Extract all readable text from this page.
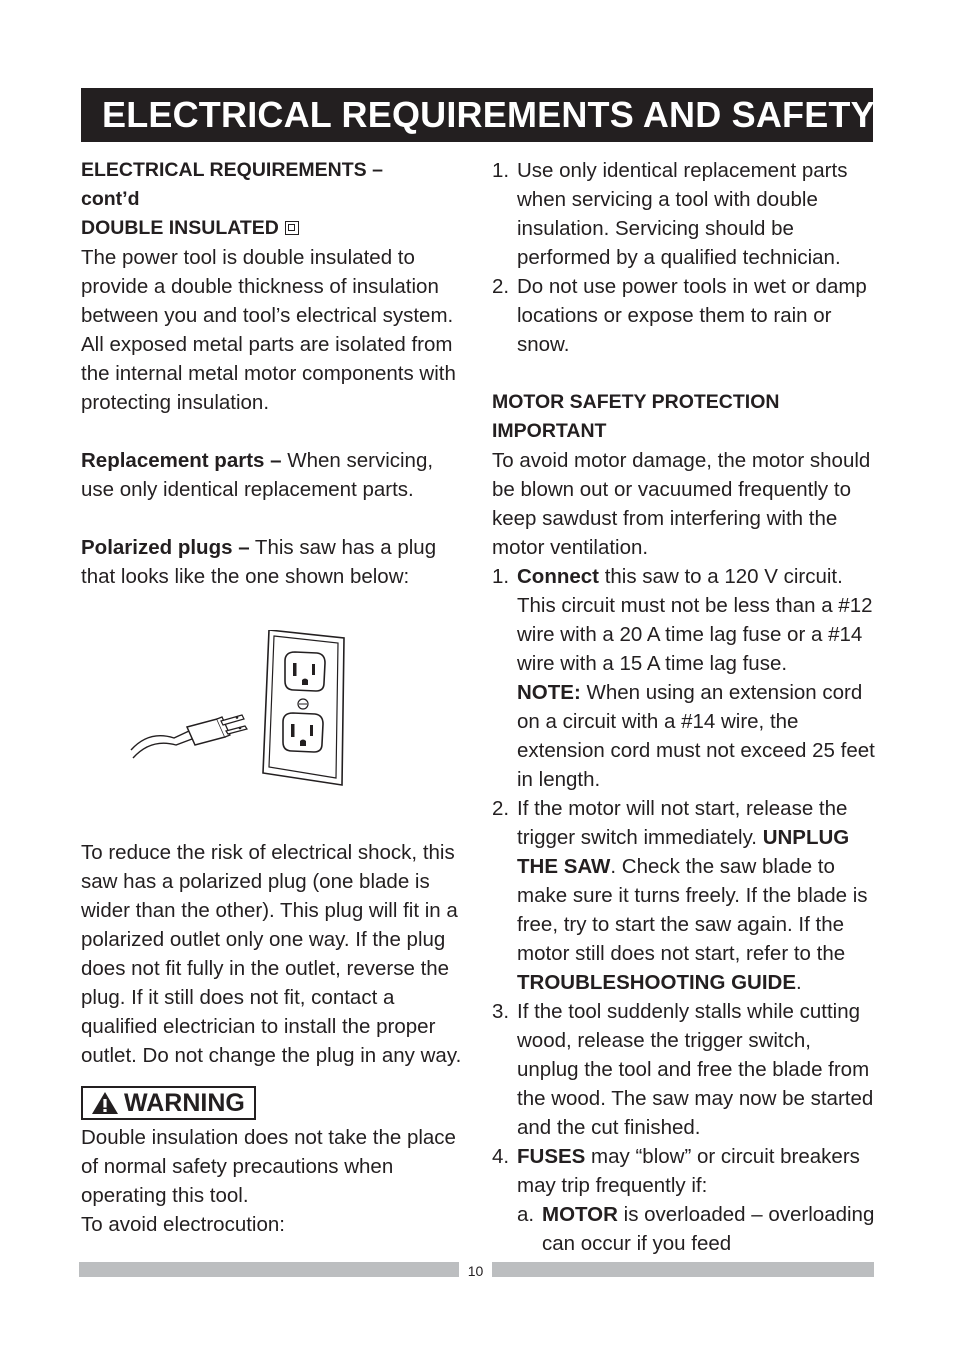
ELECTRICAL REQUIREMENTS AND SAFETY

ELECTRICAL REQUIREMENTS –
cont’d

DOUBLE INSULATED

The power tool is double insulated to provide a double thickness of insulation between you and tool’s electrical system. All exposed metal parts are isolated from the internal metal motor components with protecting insulation.

Replacement parts – When servicing, use only identical replacement parts.

Polarized plugs – This saw has a plug that looks like the one shown below:

To reduce the risk of electrical shock, this saw has a polarized plug (one blade is wider than the other). This plug will fit in a polarized outlet only one way. If the plug does not fit fully in the outlet, reverse the plug. If it still does not fit, contact a qualified electrician to install the proper outlet. Do not change the plug in any way.

WARNING

Double insulation does not take the place of normal safety precautions when operating this tool.

To avoid electrocution:

1. Use only identical replacement parts when servicing a tool with double insulation. Servicing should be performed by a qualified technician.
2. Do not use power tools in wet or damp locations or expose them to rain or snow.

MOTOR SAFETY PROTECTION
IMPORTANT

To avoid motor damage, the motor should be blown out or vacuumed frequently to keep sawdust from interfering with the motor ventilation.

1. Connect this saw to a 120 V circuit. This circuit must not be less than a #12 wire with a 20 A time lag fuse or a #14 wire with a 15 A time lag fuse.
NOTE: When using an extension cord on a circuit with a #14 wire, the extension cord must not exceed 25 feet in length.
2. If the motor will not start, release the trigger switch immediately. UNPLUG THE SAW. Check the saw blade to make sure it turns freely. If the blade is free, try to start the saw again. If the motor still does not start, refer to the TROUBLESHOOTING GUIDE.
3. If the tool suddenly stalls while cutting wood, release the trigger switch, unplug the tool and free the blade from the wood. The saw may now be started and the cut finished.
4. FUSES may “blow” or circuit breakers may trip frequently if:
a. MOTOR is overloaded – overloading can occur if you feed
10
